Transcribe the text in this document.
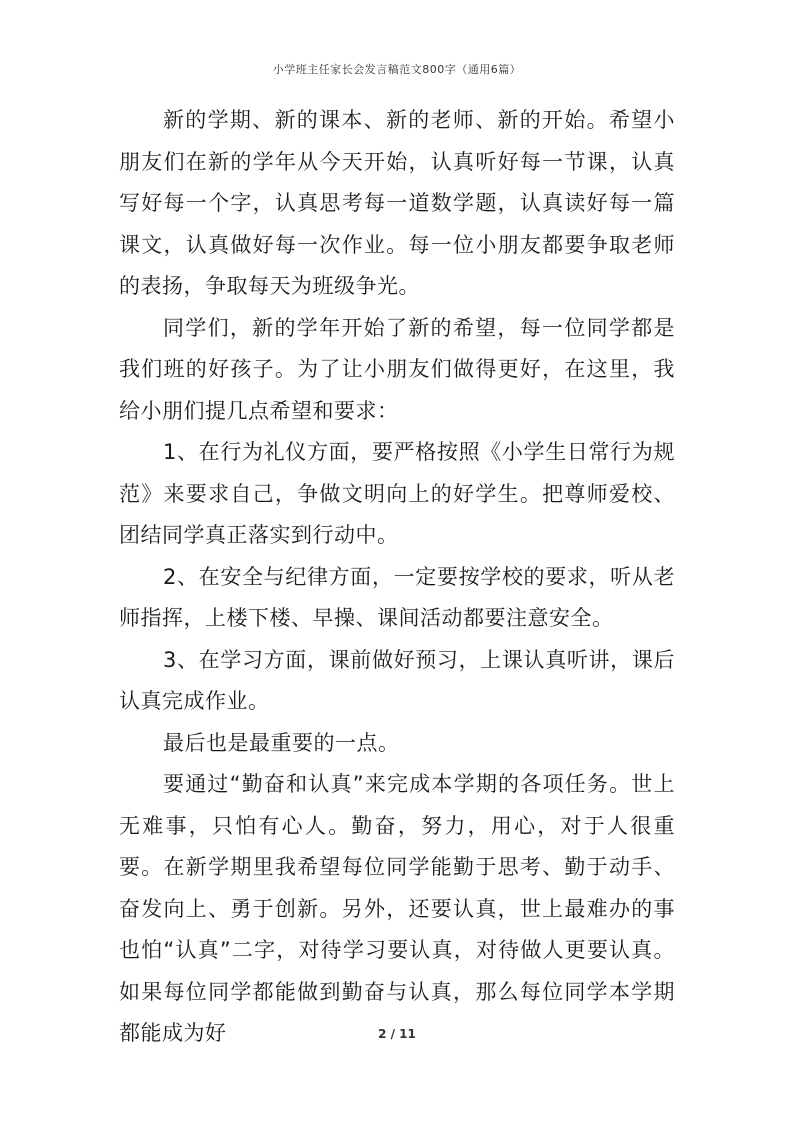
小学班主任家长会发言稿范文800字（通用6篇）

新的学期、新的课本、新的老师、新的开始。希望小朋友们在新的学年从今天开始，认真听好每一节课，认真写好每一个字，认真思考每一道数学题，认真读好每一篇课文，认真做好每一次作业。每一位小朋友都要争取老师的表扬，争取每天为班级争光。

同学们，新的学年开始了新的希望，每一位同学都是我们班的好孩子。为了让小朋友们做得更好，在这里，我给小朋们提几点希望和要求：

1、在行为礼仪方面，要严格按照《小学生日常行为规范》来要求自己，争做文明向上的好学生。把尊师爱校、团结同学真正落实到行动中。

2、在安全与纪律方面，一定要按学校的要求，听从老师指挥，上楼下楼、早操、课间活动都要注意安全。

3、在学习方面，课前做好预习，上课认真听讲，课后认真完成作业。

最后也是最重要的一点。

要通过“勤奋和认真”来完成本学期的各项任务。世上无难事，只怕有心人。勤奋，努力，用心，对于人很重要。在新学期里我希望每位同学能勤于思考、勤于动手、奋发向上、勇于创新。另外，还要认真，世上最难办的事也怕“认真”二字，对待学习要认真，对待做人更要认真。如果每位同学都能做到勤奋与认真，那么每位同学本学期都能成为好	2 / 11
